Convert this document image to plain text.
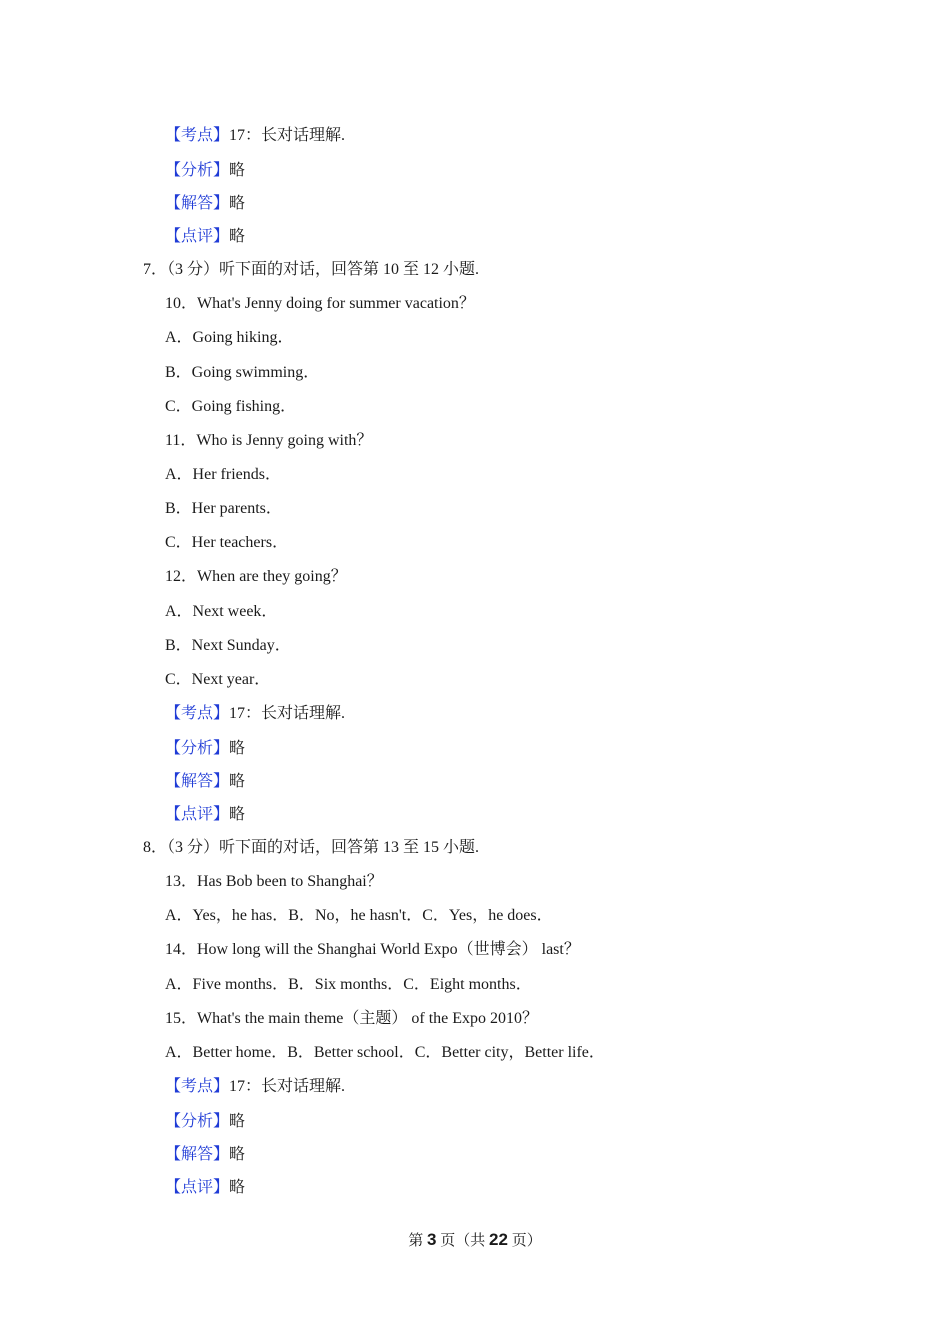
【考点】17：长对话理解.
【分析】略
【解答】略
【点评】略
7．（3 分）听下面的对话，回答第 10 至 12 小题.
10．What's Jenny doing for summer vacation？
A．Going hiking．
B．Going swimming．
C．Going fishing．
11．Who is Jenny going with？
A．Her friends．
B．Her parents．
C．Her teachers．
12．When are they going？
A．Next week．
B．Next Sunday．
C．Next year．
【考点】17：长对话理解.
【分析】略
【解答】略
【点评】略
8．（3 分）听下面的对话，回答第 13 至 15 小题.
13．Has Bob been to Shanghai？
A．Yes，he has．B．No，he hasn't．C．Yes，he does．
14．How long will the Shanghai World Expo（世博会） last？
A．Five months．B．Six months．C．Eight months．
15．What's the main theme（主题） of the Expo 2010？
A．Better home．B．Better school．C．Better city，Better life．
【考点】17：长对话理解.
【分析】略
【解答】略
【点评】略
第 3 页（共 22 页）
